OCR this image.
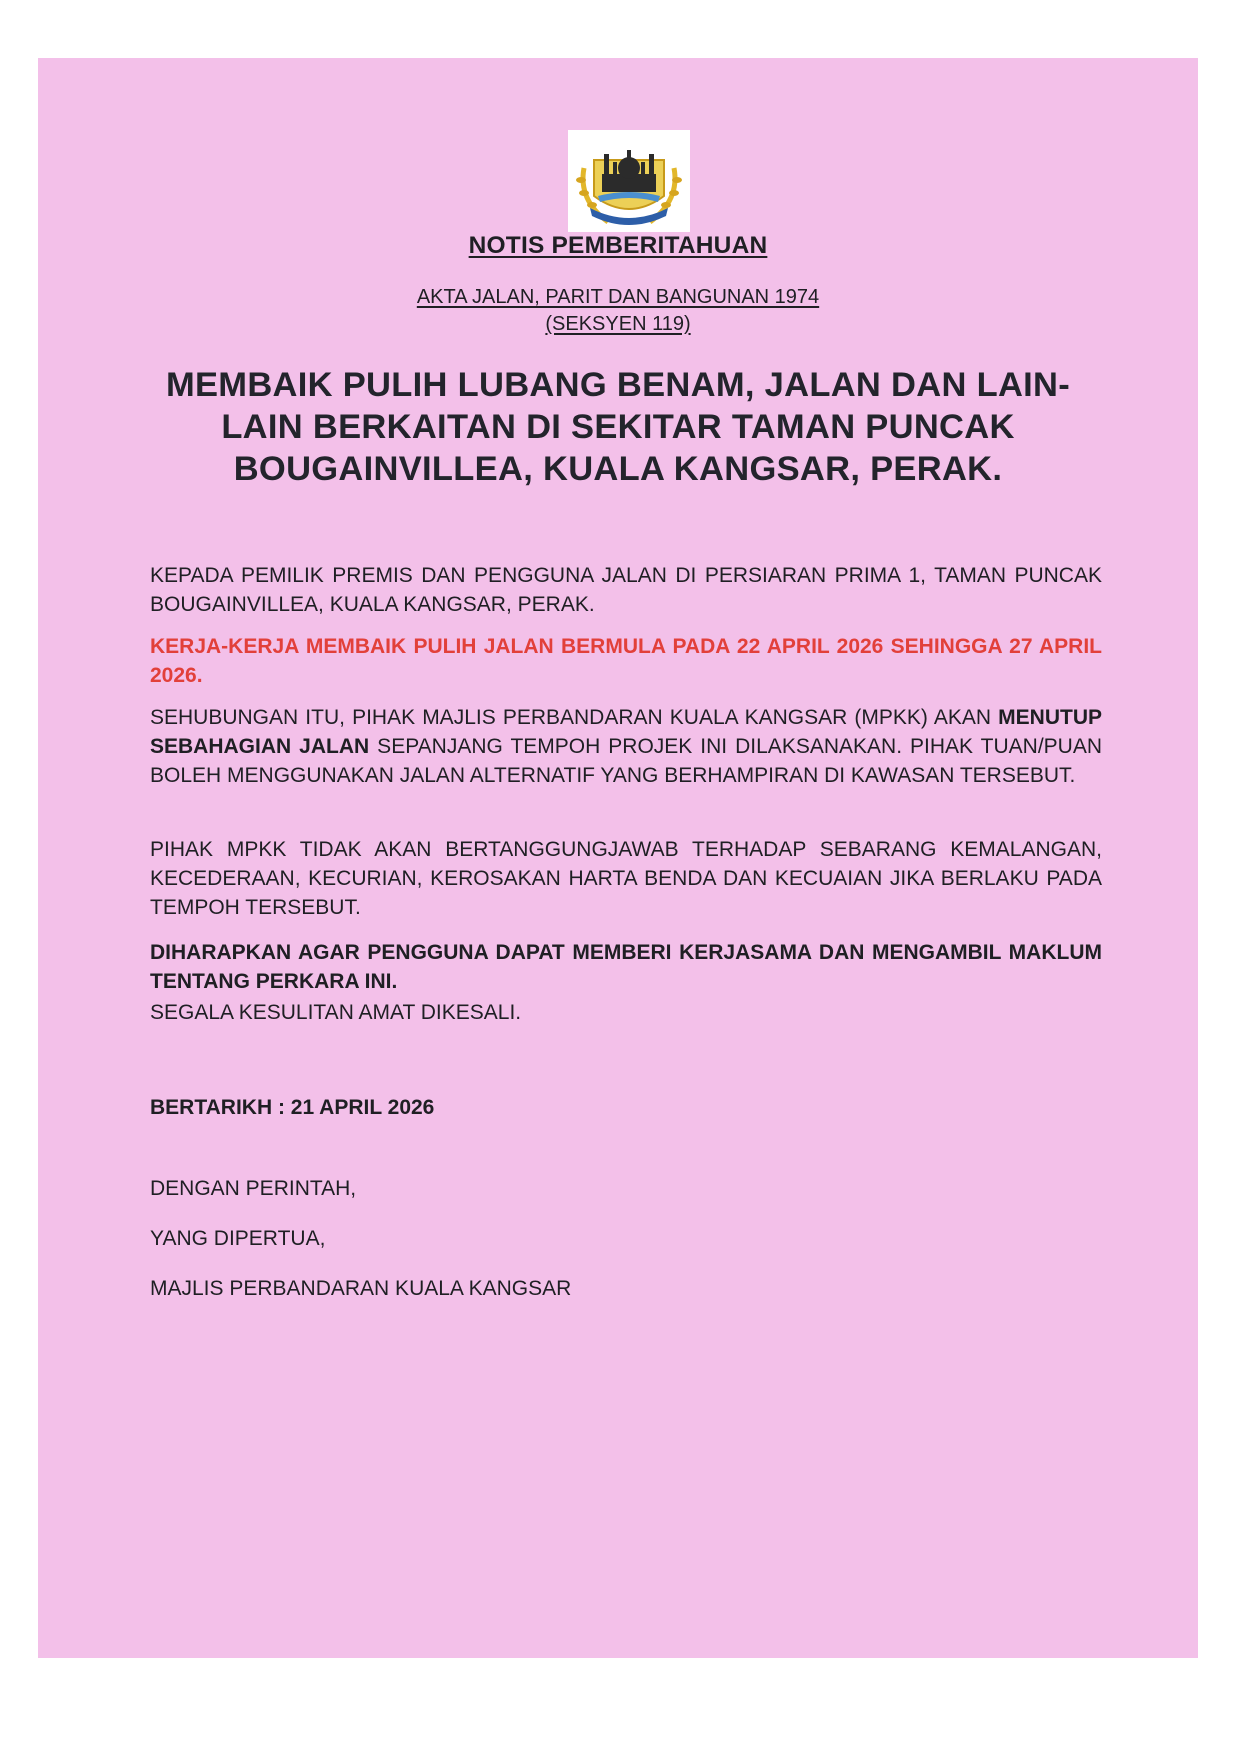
NOTIS PEMBERITAHUAN
AKTA JALAN, PARIT DAN BANGUNAN 1974
(SEKSYEN 119)
MEMBAIK PULIH LUBANG BENAM, JALAN DAN LAIN-LAIN BERKAITAN DI SEKITAR TAMAN PUNCAK BOUGAINVILLEA, KUALA KANGSAR, PERAK.
KEPADA PEMILIK PREMIS DAN PENGGUNA JALAN DI PERSIARAN PRIMA 1, TAMAN PUNCAK BOUGAINVILLEA, KUALA KANGSAR, PERAK.
KERJA-KERJA MEMBAIK PULIH JALAN BERMULA PADA 22 APRIL 2026 SEHINGGA 27 APRIL 2026.
SEHUBUNGAN ITU, PIHAK MAJLIS PERBANDARAN KUALA KANGSAR (MPKK) AKAN MENUTUP SEBAHAGIAN JALAN SEPANJANG TEMPOH PROJEK INI DILAKSANAKAN. PIHAK TUAN/PUAN BOLEH MENGGUNAKAN JALAN ALTERNATIF YANG BERHAMPIRAN DI KAWASAN TERSEBUT.
PIHAK MPKK TIDAK AKAN BERTANGGUNGJAWAB TERHADAP SEBARANG KEMALANGAN, KECEDERAAN, KECURIAN, KEROSAKAN HARTA BENDA DAN KECUAIAN JIKA BERLAKU PADA TEMPOH TERSEBUT.
DIHARAPKAN AGAR PENGGUNA DAPAT MEMBERI KERJASAMA DAN MENGAMBIL MAKLUM TENTANG PERKARA INI.
SEGALA KESULITAN AMAT DIKESALI.
BERTARIKH : 21 APRIL 2026
DENGAN PERINTAH,
YANG DIPERTUA,
MAJLIS PERBANDARAN KUALA KANGSAR
